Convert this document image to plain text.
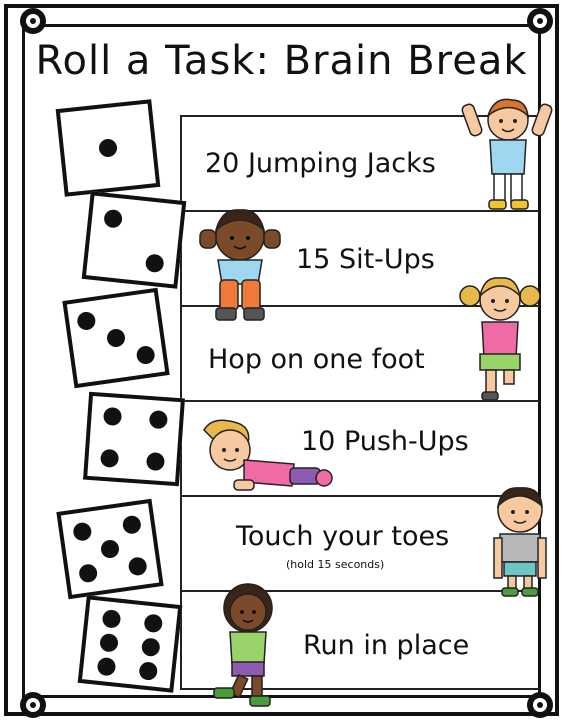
Roll a Task: Brain Break
20 Jumping Jacks
15 Sit-Ups
Hop on one foot
10 Push-Ups
Touch your toes
(hold 15 seconds)
Run in place
